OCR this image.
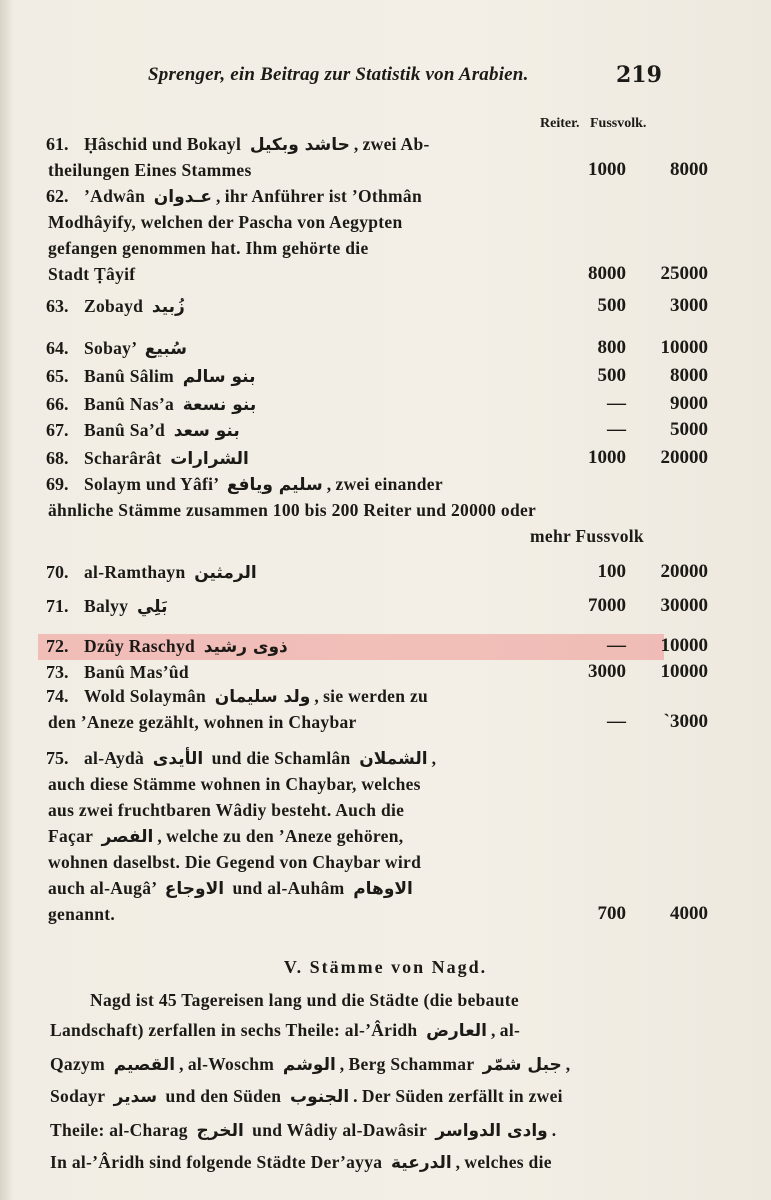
Sprenger, ein Beitrag zur Statistik von Arabien.	219
Reiter. Fussvolk.
61. Ḥâschid und Bokayl حاشد وبكيل , zwei Ab-
theilungen Eines Stammes	1000	8000
62. ’Adwân عـدوان , ihr Anführer ist ’Othmân
Modhâyify, welchen der Pascha von Aegypten
gefangen genommen hat. Ihm gehörte die
Stadt Ṭâyif	8000	25000
63. Zobayd زُبيد	500	3000
64. Sobay’ سُبيع	800	10000
65. Banû Sâlim بنو سالم	500	8000
66. Banû Nas’a بنو نسعة	—	9000
67. Banû Sa’d بنو سعد	—	5000
68. Scharârât الشرارات	1000	20000
69. Solaym und Yâfi’ سليم ويافع , zwei einander
ähnliche Stämme zusammen 100 bis 200 Reiter und 20000 oder
mehr Fussvolk
70. al-Ramthayn الرمثين	100	20000
71. Balyy بَلِي	7000	30000
72. Dzûy Raschyd ذوى رشيد	—	10000
73. Banû Mas’ûd	3000	10000
74. Wold Solaymân ولد سليمان , sie werden zu
den ’Aneze gezählt, wohnen in Chaybar	—	`3000
75. al-Aydà الأيدى und die Schamlân الشملان ,
auch diese Stämme wohnen in Chaybar, welches
aus zwei fruchtbaren Wâdiy besteht. Auch die
Façar الفصر , welche zu den ’Aneze gehören,
wohnen daselbst. Die Gegend von Chaybar wird
auch al-Augâ’ الاوجاع und al-Auhâm الاوهام
genannt.	700	4000
V. Stämme von Nagd.
Nagd ist 45 Tagereisen lang und die Städte (die bebaute
Landschaft) zerfallen in sechs Theile: al-’Âridh العارض , al-
Qazym القصيم , al-Woschm الوشم , Berg Schammar جبل شمّر ,
Sodayr سدير und den Süden الجنوب . Der Süden zerfällt in zwei
Theile: al-Charag الخرج und Wâdiy al-Dawâsir وادى الدواسر .
In al-’Âridh sind folgende Städte Der’ayya الدرعية , welches die
